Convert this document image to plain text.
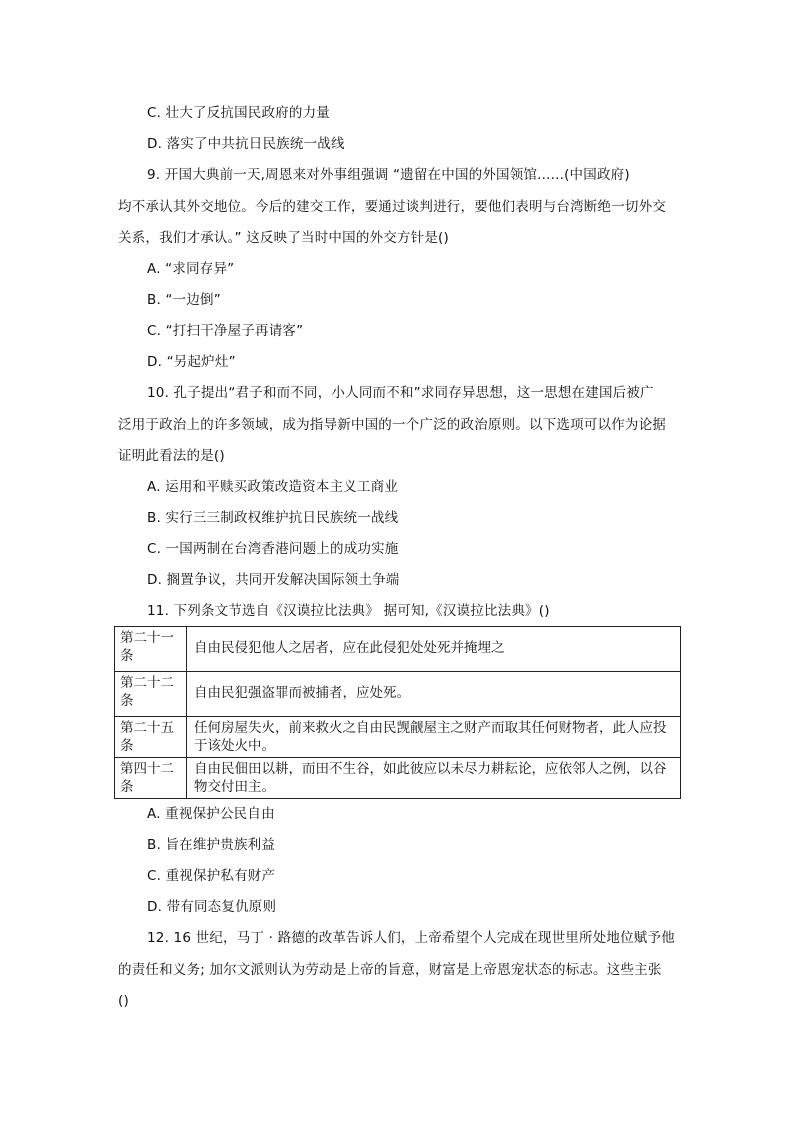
C. 壮大了反抗国民政府的力量
D. 落实了中共抗日民族统一战线
9. 开国大典前一天,周恩来对外事组强调 “遗留在中国的外国领馆......(中国政府)
均不承认其外交地位。今后的建交工作，要通过谈判进行，要他们表明与台湾断绝一切外交
关系，我们才承认。” 这反映了当时中国的外交方针是()
A. “求同存异”
B. “一边倒”
C. “打扫干净屋子再请客”
D. “另起炉灶”
10. 孔子提出“君子和而不同，小人同而不和”求同存异思想，这一思想在建国后被广
泛用于政治上的许多领域，成为指导新中国的一个广泛的政治原则。以下选项可以作为论据
证明此看法的是()
A. 运用和平赎买政策改造资本主义工商业
B. 实行三三制政权维护抗日民族统一战线
C. 一国两制在台湾香港问题上的成功实施
D. 搁置争议，共同开发解决国际领土争端
11. 下列条文节选自《汉谟拉比法典》 据可知,《汉谟拉比法典》()
第二十一条	自由民侵犯他人之居者，应在此侵犯处处死并掩埋之
第二十二条	自由民犯强盗罪而被捕者，应处死。
第二十五条	任何房屋失火，前来救火之自由民觊觎屋主之财产而取其任何财物者，此人应投于该处火中。
第四十二条	自由民佃田以耕，而田不生谷，如此彼应以未尽力耕耘论，应依邻人之例，以谷物交付田主。
A. 重视保护公民自由
B. 旨在维护贵族利益
C. 重视保护私有财产
D. 带有同态复仇原则
12. 16 世纪，马丁 · 路德的改革告诉人们，上帝希望个人完成在现世里所处地位赋予他
的责任和义务; 加尔文派则认为劳动是上帝的旨意，财富是上帝恩宠状态的标志。这些主张
()
